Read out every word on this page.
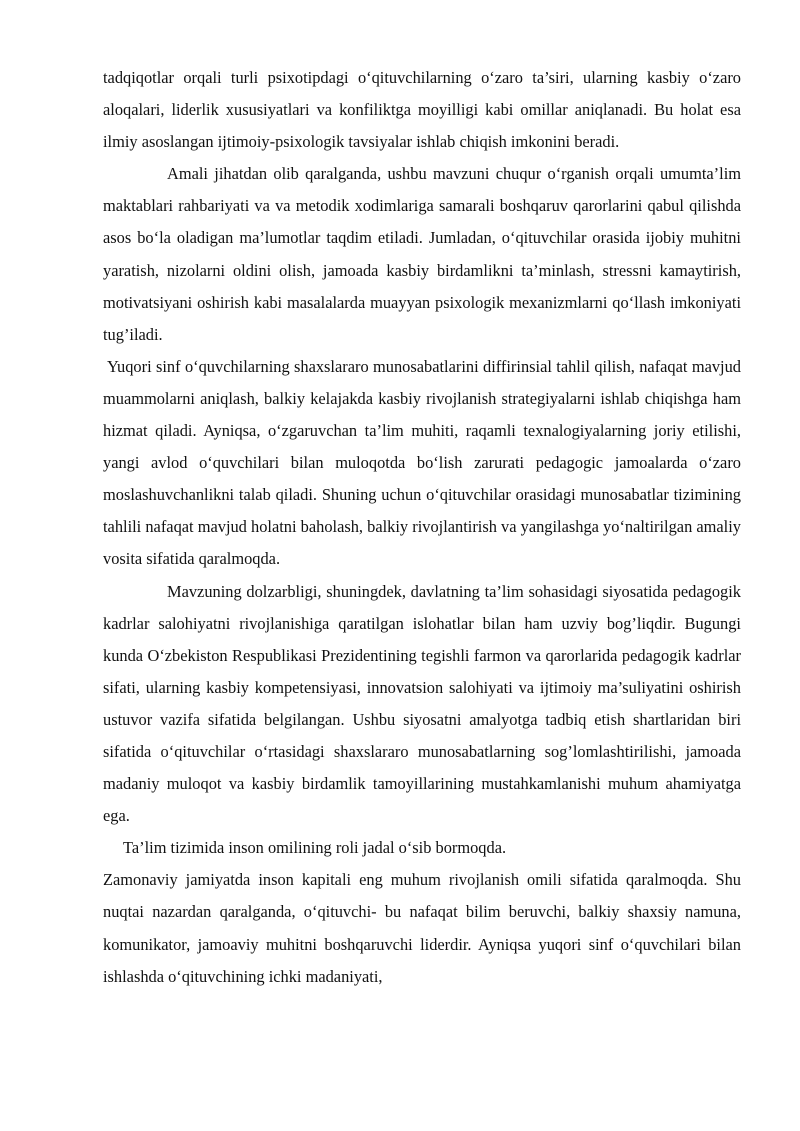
tadqiqotlar orqali turli psixotipdagi o‘qituvchilarning o‘zaro ta’siri, ularning kasbiy o‘zaro aloqalari, liderlik xususiyatlari va konfiliktga moyilligi kabi omillar aniqlanadi. Bu holat esa ilmiy asoslangan ijtimoiy-psixologik tavsiyalar ishlab chiqish imkonini beradi.

Amali jihatdan olib qaralganda, ushbu mavzuni chuqur o‘rganish orqali umumta’lim maktablari rahbariyati va va metodik xodimlariga samarali boshqaruv qarorlarini qabul qilishda asos bo‘la oladigan ma’lumotlar taqdim etiladi. Jumladan, o‘qituvchilar orasida ijobiy muhitni yaratish, nizolarni oldini olish, jamoada kasbiy birdamlikni ta’minlash, stressni kamaytirish, motivatsiyani oshirish kabi masalalarda muayyan psixologik mexanizmlarni qo‘llash imkoniyati tug’iladi.

Yuqori sinf o‘quvchilarning shaxslararo munosabatlarini diffirinsial tahlil qilish, nafaqat mavjud muammolarni aniqlash, balkiy kelajakda kasbiy rivojlanish strategiyalarni ishlab chiqishga ham hizmat qiladi. Ayniqsa, o‘zgaruvchan ta’lim muhiti, raqamli texnalogiyalarning joriy etilishi, yangi avlod o‘quvchilari bilan muloqotda bo‘lish zarurati pedagogic jamoalarda o‘zaro moslashuvchanlikni talab qiladi. Shuning uchun o‘qituvchilar orasidagi munosabatlar tizimining tahlili nafaqat mavjud holatni baholash, balkiy rivojlantirish va yangilashga yo‘naltirilgan amaliy vosita sifatida qaralmoqda.

Mavzuning dolzarbligi, shuningdek, davlatning ta’lim sohasidagi siyosatida pedagogik kadrlar salohiyatni rivojlanishiga qaratilgan islohatlar bilan ham uzviy bog’liqdir. Bugungi kunda O‘zbekiston Respublikasi Prezidentining tegishli farmon va qarorlarida pedagogik kadrlar sifati, ularning kasbiy kompetensiyasi, innovatsion salohiyati va ijtimoiy ma’suliyatini oshirish ustuvor vazifa sifatida belgilangan. Ushbu siyosatni amalyotga tadbiq etish shartlaridan biri sifatida o‘qituvchilar o‘rtasidagi shaxslararo munosabatlarning sog’lomlashtirilishi, jamoada madaniy muloqot va kasbiy birdamlik tamoyillarining mustahkamlanishi muhum ahamiyatga ega.

Ta’lim tizimida inson omilining roli jadal o‘sib bormoqda.

Zamonaviy jamiyatda inson kapitali eng muhum rivojlanish omili sifatida qaralmoqda. Shu nuqtai nazardan qaralganda, o‘qituvchi- bu nafaqat bilim beruvchi, balkiy shaxsiy namuna, komunikator, jamoaviy muhitni boshqaruvchi liderdir. Ayniqsa yuqori sinf o‘quvchilari bilan ishlashda o‘qituvchining ichki madaniyati,
